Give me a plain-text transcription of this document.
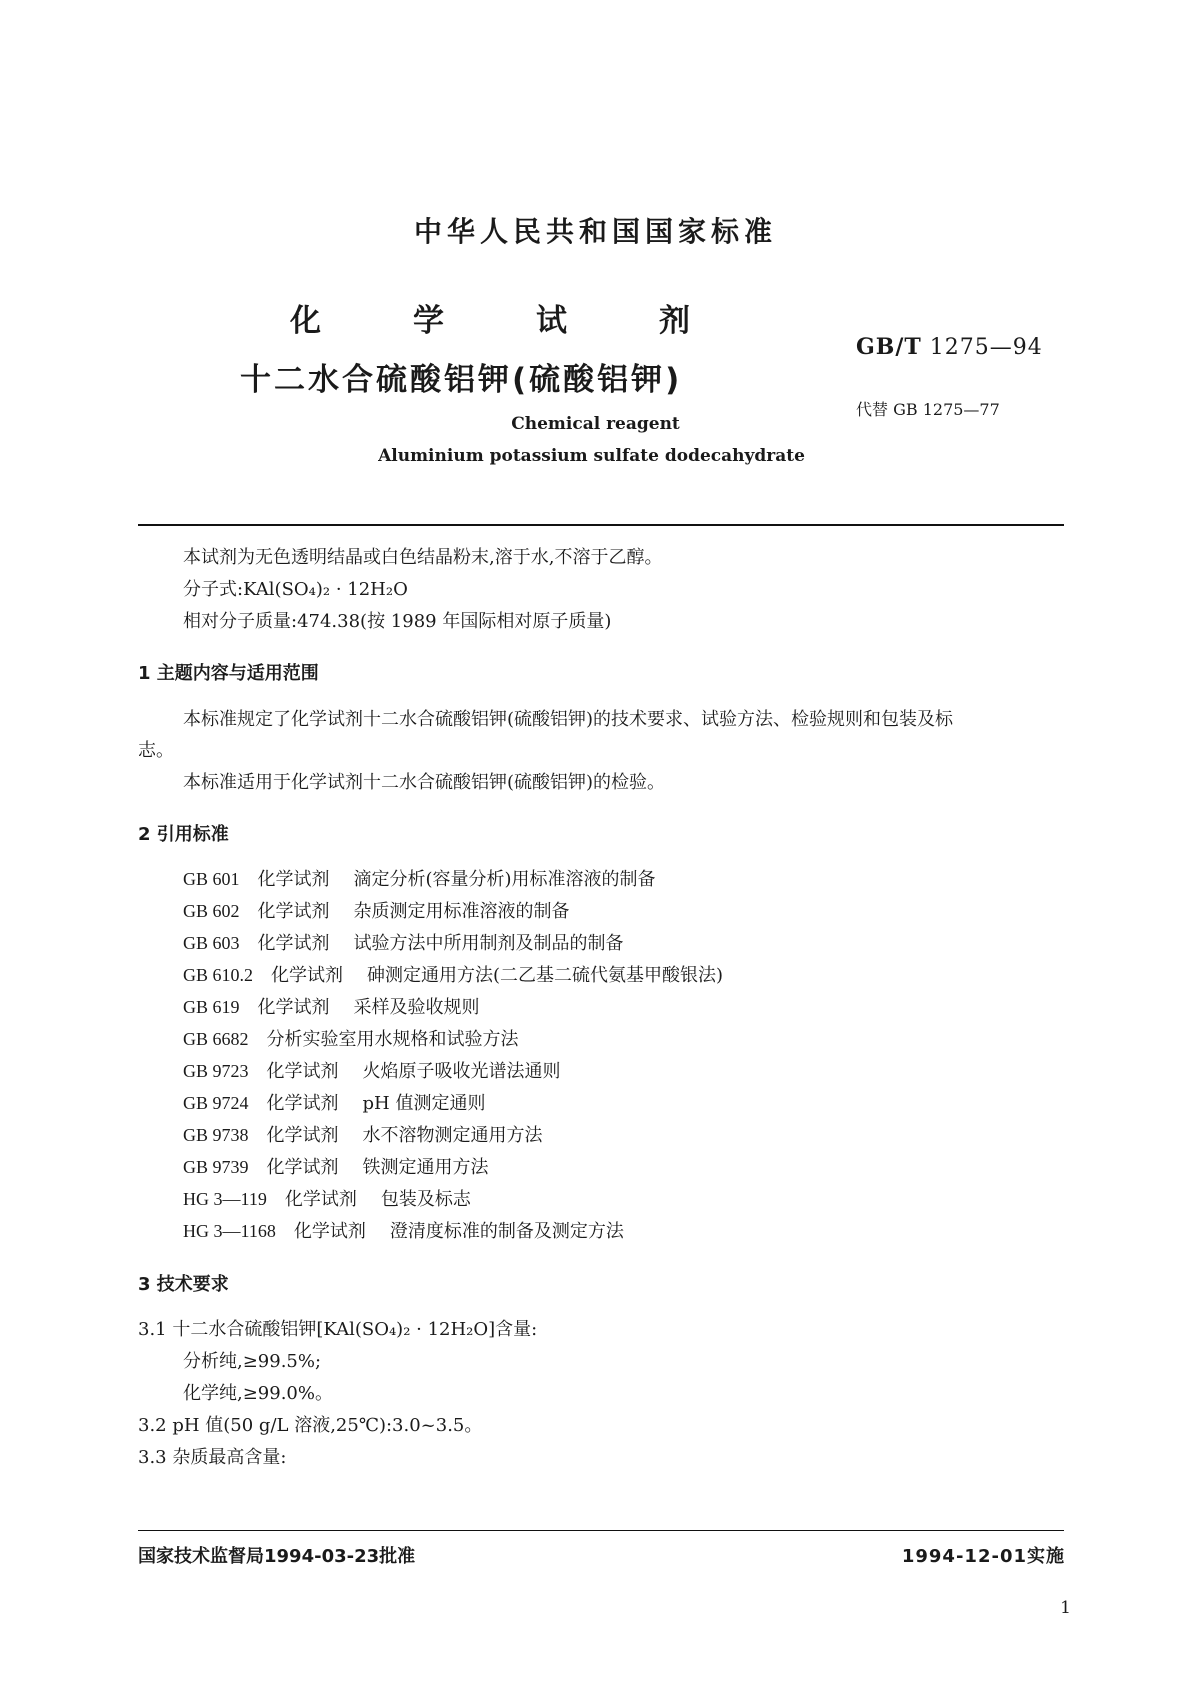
中华人民共和国国家标准
化	学	试	剂
十二水合硫酸铝钾(硫酸铝钾)
GB/T 1275—94
代替 GB 1275—77
Chemical reagent
Aluminium potassium sulfate dodecahydrate
本试剂为无色透明结晶或白色结晶粉末,溶于水,不溶于乙醇。
分子式:KAl(SO₄)₂ · 12H₂O
相对分子质量:474.38(按 1989 年国际相对原子质量)
1 主题内容与适用范围
本标准规定了化学试剂十二水合硫酸铝钾(硫酸铝钾)的技术要求、试验方法、检验规则和包装及标
志。
本标准适用于化学试剂十二水合硫酸铝钾(硫酸铝钾)的检验。
2 引用标准
GB 601 化学试剂 滴定分析(容量分析)用标准溶液的制备
GB 602 化学试剂 杂质测定用标准溶液的制备
GB 603 化学试剂 试验方法中所用制剂及制品的制备
GB 610.2 化学试剂 砷测定通用方法(二乙基二硫代氨基甲酸银法)
GB 619 化学试剂 采样及验收规则
GB 6682 分析实验室用水规格和试验方法
GB 9723 化学试剂 火焰原子吸收光谱法通则
GB 9724 化学试剂 pH 值测定通则
GB 9738 化学试剂 水不溶物测定通用方法
GB 9739 化学试剂 铁测定通用方法
HG 3—119 化学试剂 包装及标志
HG 3—1168 化学试剂 澄清度标准的制备及测定方法
3 技术要求
3.1 十二水合硫酸铝钾[KAl(SO₄)₂ · 12H₂O]含量:
分析纯,≥99.5%;
化学纯,≥99.0%。
3.2 pH 值(50 g/L 溶液,25℃):3.0~3.5。
3.3 杂质最高含量:
国家技术监督局1994-03-23批准	1994-12-01实施
1
